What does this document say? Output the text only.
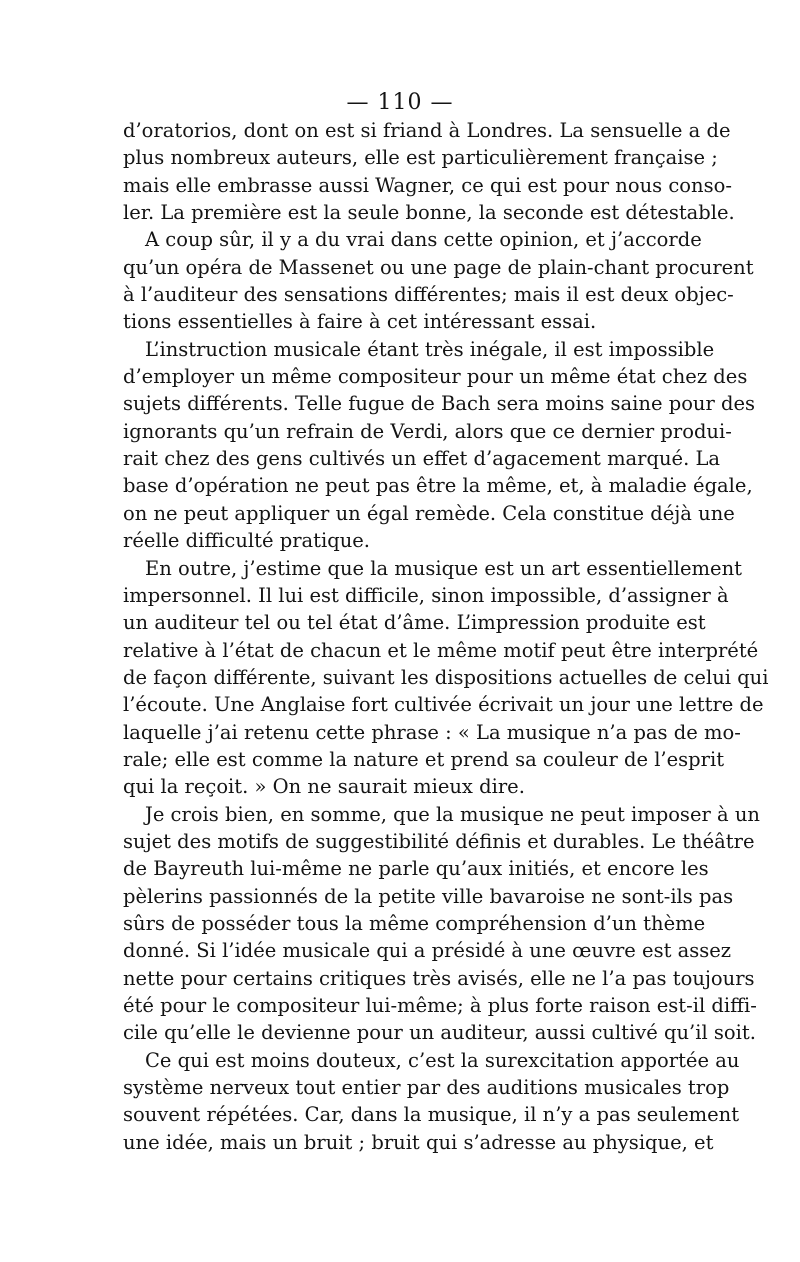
— 110 —
d’oratorios, dont on est si friand à Londres. La sensuelle a de
plus nombreux auteurs, elle est particulièrement française ;
mais elle embrasse aussi Wagner, ce qui est pour nous conso-
ler. La première est la seule bonne, la seconde est détestable.
A coup sûr, il y a du vrai dans cette opinion, et j’accorde
qu’un opéra de Massenet ou une page de plain-chant procurent
à l’auditeur des sensations différentes; mais il est deux objec-
tions essentielles à faire à cet intéressant essai.
L’instruction musicale étant très inégale, il est impossible
d’employer un même compositeur pour un même état chez des
sujets différents. Telle fugue de Bach sera moins saine pour des
ignorants qu’un refrain de Verdi, alors que ce dernier produi-
rait chez des gens cultivés un effet d’agacement marqué. La
base d’opération ne peut pas être la même, et, à maladie égale,
on ne peut appliquer un égal remède. Cela constitue déjà une
réelle difficulté pratique.
En outre, j’estime que la musique est un art essentiellement
impersonnel. Il lui est difficile, sinon impossible, d’assigner à
un auditeur tel ou tel état d’âme. L’impression produite est
relative à l’état de chacun et le même motif peut être interprété
de façon différente, suivant les dispositions actuelles de celui qui
l’écoute. Une Anglaise fort cultivée écrivait un jour une lettre de
laquelle j’ai retenu cette phrase : « La musique n’a pas de mo-
rale; elle est comme la nature et prend sa couleur de l’esprit
qui la reçoit. » On ne saurait mieux dire.
Je crois bien, en somme, que la musique ne peut imposer à un
sujet des motifs de suggestibilité définis et durables. Le théâtre
de Bayreuth lui-même ne parle qu’aux initiés, et encore les
pèlerins passionnés de la petite ville bavaroise ne sont-ils pas
sûrs de posséder tous la même compréhension d’un thème
donné. Si l’idée musicale qui a présidé à une œuvre est assez
nette pour certains critiques très avisés, elle ne l’a pas toujours
été pour le compositeur lui-même; à plus forte raison est-il diffi-
cile qu’elle le devienne pour un auditeur, aussi cultivé qu’il soit.
Ce qui est moins douteux, c’est la surexcitation apportée au
système nerveux tout entier par des auditions musicales trop
souvent répétées. Car, dans la musique, il n’y a pas seulement
une idée, mais un bruit ; bruit qui s’adresse au physique, et
